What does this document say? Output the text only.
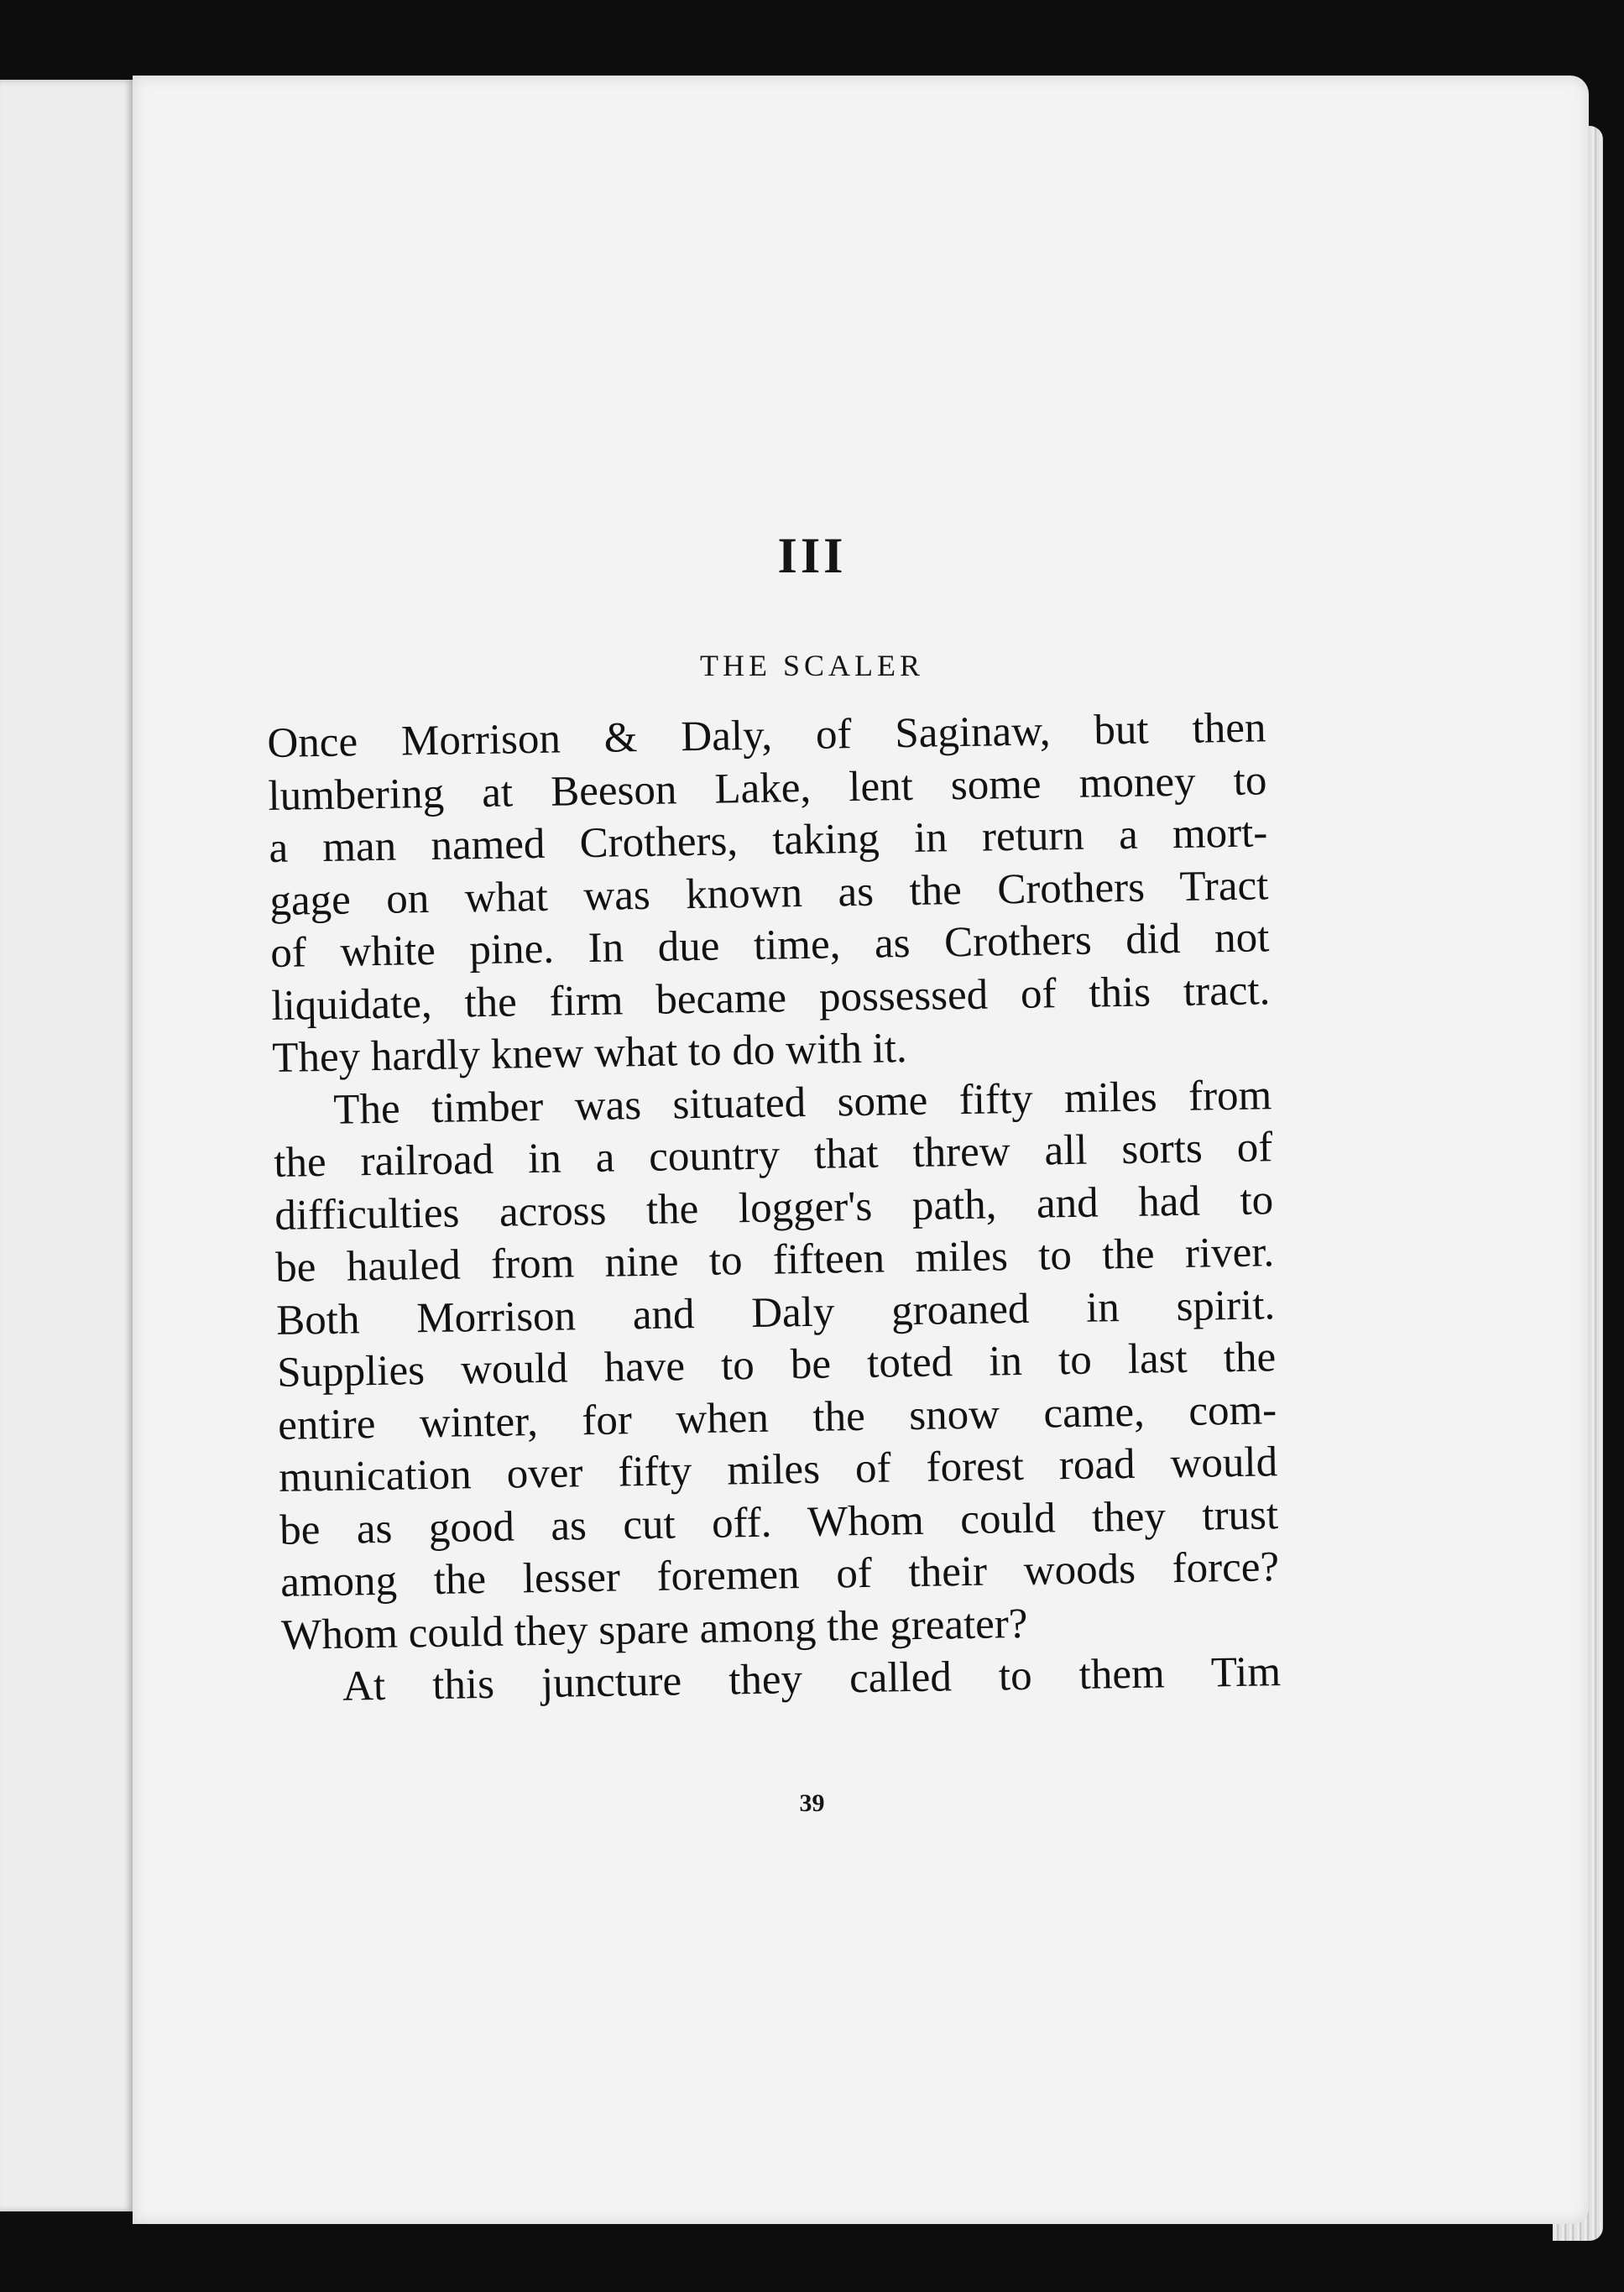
III
THE SCALER
Once Morrison & Daly, of Saginaw, but then
lumbering at Beeson Lake, lent some money to
a man named Crothers, taking in return a mort-
gage on what was known as the Crothers Tract
of white pine. In due time, as Crothers did not
liquidate, the firm became possessed of this tract.
They hardly knew what to do with it.
The timber was situated some fifty miles from
the railroad in a country that threw all sorts of
difficulties across the logger's path, and had to
be hauled from nine to fifteen miles to the river.
Both Morrison and Daly groaned in spirit.
Supplies would have to be toted in to last the
entire winter, for when the snow came, com-
munication over fifty miles of forest road would
be as good as cut off. Whom could they trust
among the lesser foremen of their woods force?
Whom could they spare among the greater?
At this juncture they called to them Tim
39
